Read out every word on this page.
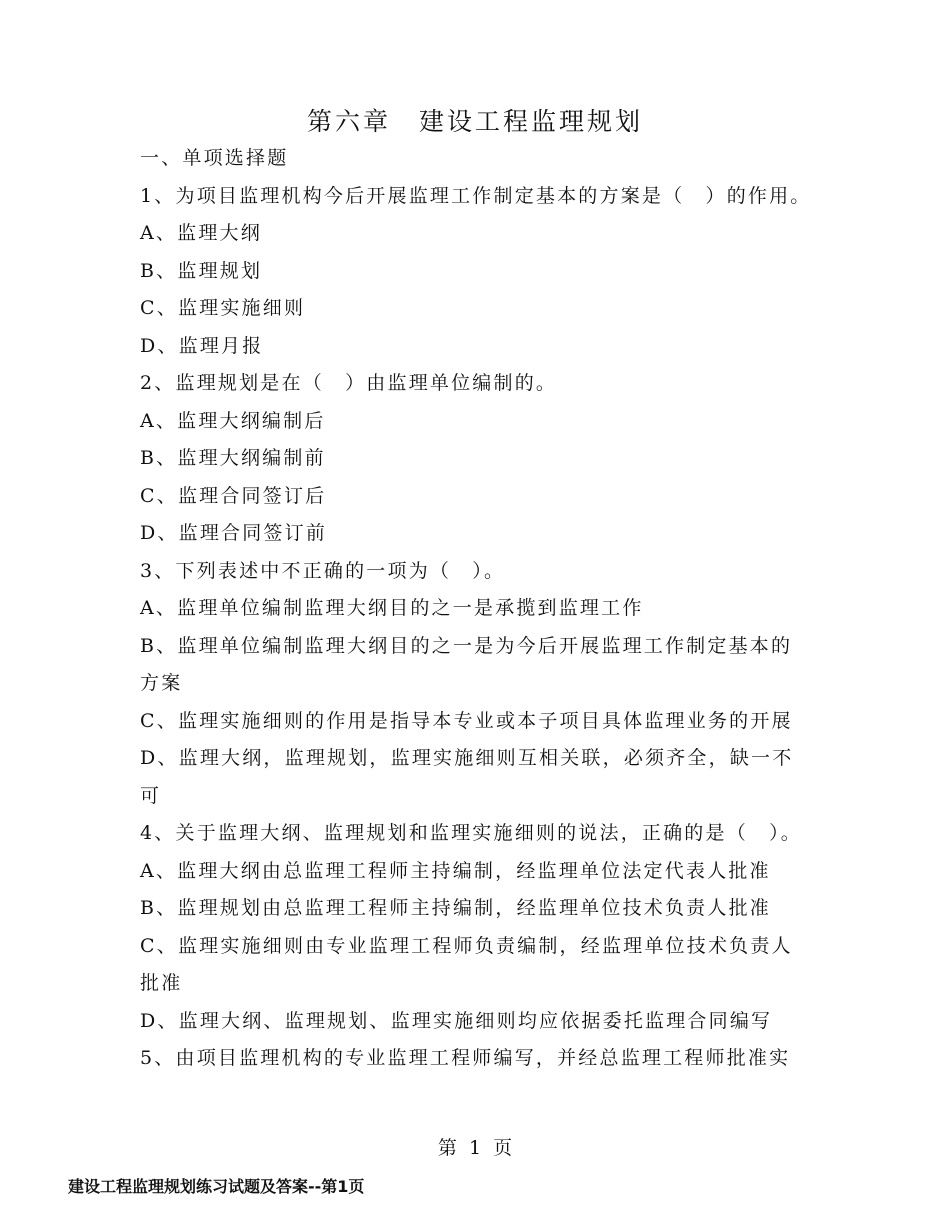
第六章　建设工程监理规划
一、单项选择题
1、为项目监理机构今后开展监理工作制定基本的方案是（　）的作用。
A、监理大纲
B、监理规划
C、监理实施细则
D、监理月报
2、监理规划是在（　）由监理单位编制的。
A、监理大纲编制后
B、监理大纲编制前
C、监理合同签订后
D、监理合同签订前
3、下列表述中不正确的一项为（　）。
A、监理单位编制监理大纲目的之一是承揽到监理工作
B、监理单位编制监理大纲目的之一是为今后开展监理工作制定基本的
方案
C、监理实施细则的作用是指导本专业或本子项目具体监理业务的开展
D、监理大纲，监理规划，监理实施细则互相关联，必须齐全，缺一不
可
4、关于监理大纲、监理规划和监理实施细则的说法，正确的是（　）。
A、监理大纲由总监理工程师主持编制，经监理单位法定代表人批准
B、监理规划由总监理工程师主持编制，经监理单位技术负责人批准
C、监理实施细则由专业监理工程师负责编制，经监理单位技术负责人
批准
D、监理大纲、监理规划、监理实施细则均应依据委托监理合同编写
5、由项目监理机构的专业监理工程师编写，并经总监理工程师批准实
第 1 页
建设工程监理规划练习试题及答案--第1页
